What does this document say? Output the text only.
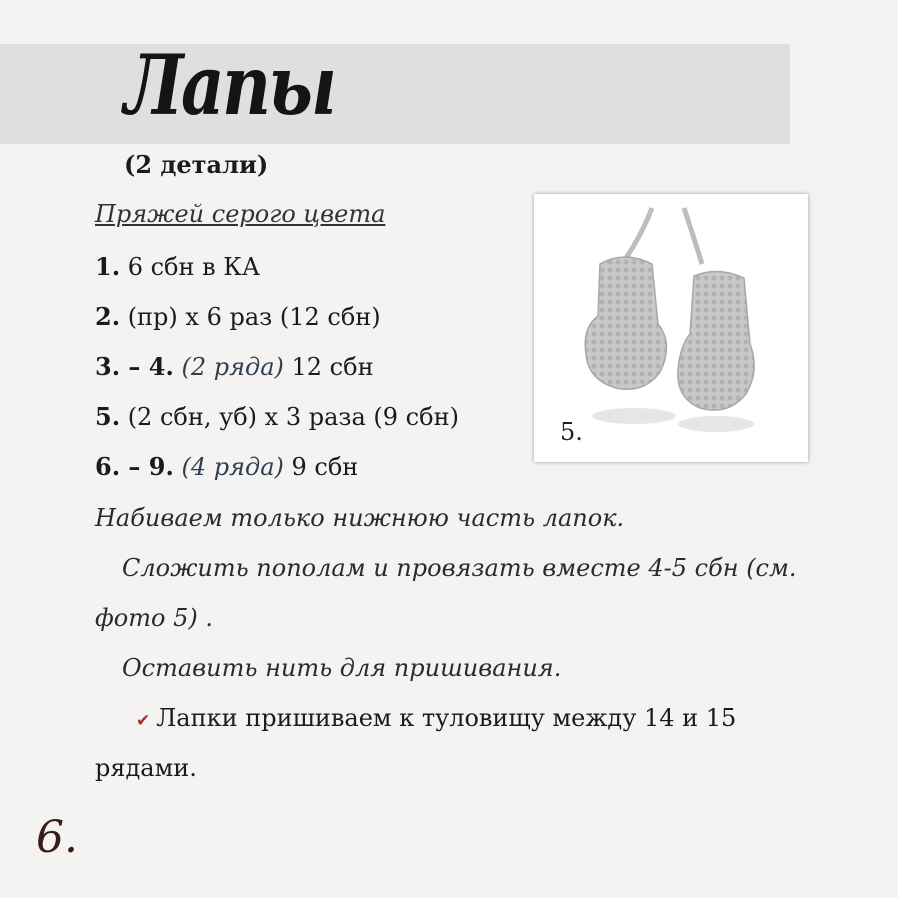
Лапы
(2 детали)
Пряжей серого цвета
1. 6 сбн в КА
2. (пр) х 6 раз (12 сбн)
3. – 4. (2 ряда) 12 сбн
5. (2 сбн, уб) х 3 раза (9 сбн)
6. – 9. (4 ряда) 9 сбн
Набиваем только нижнюю часть лапок.
Сложить пополам и провязать вместе 4-5 сбн (см.
фото 5) .
Оставить нить для пришивания.
✔ Лапки пришиваем к туловищу между 14 и 15
рядами.
5.
6.
